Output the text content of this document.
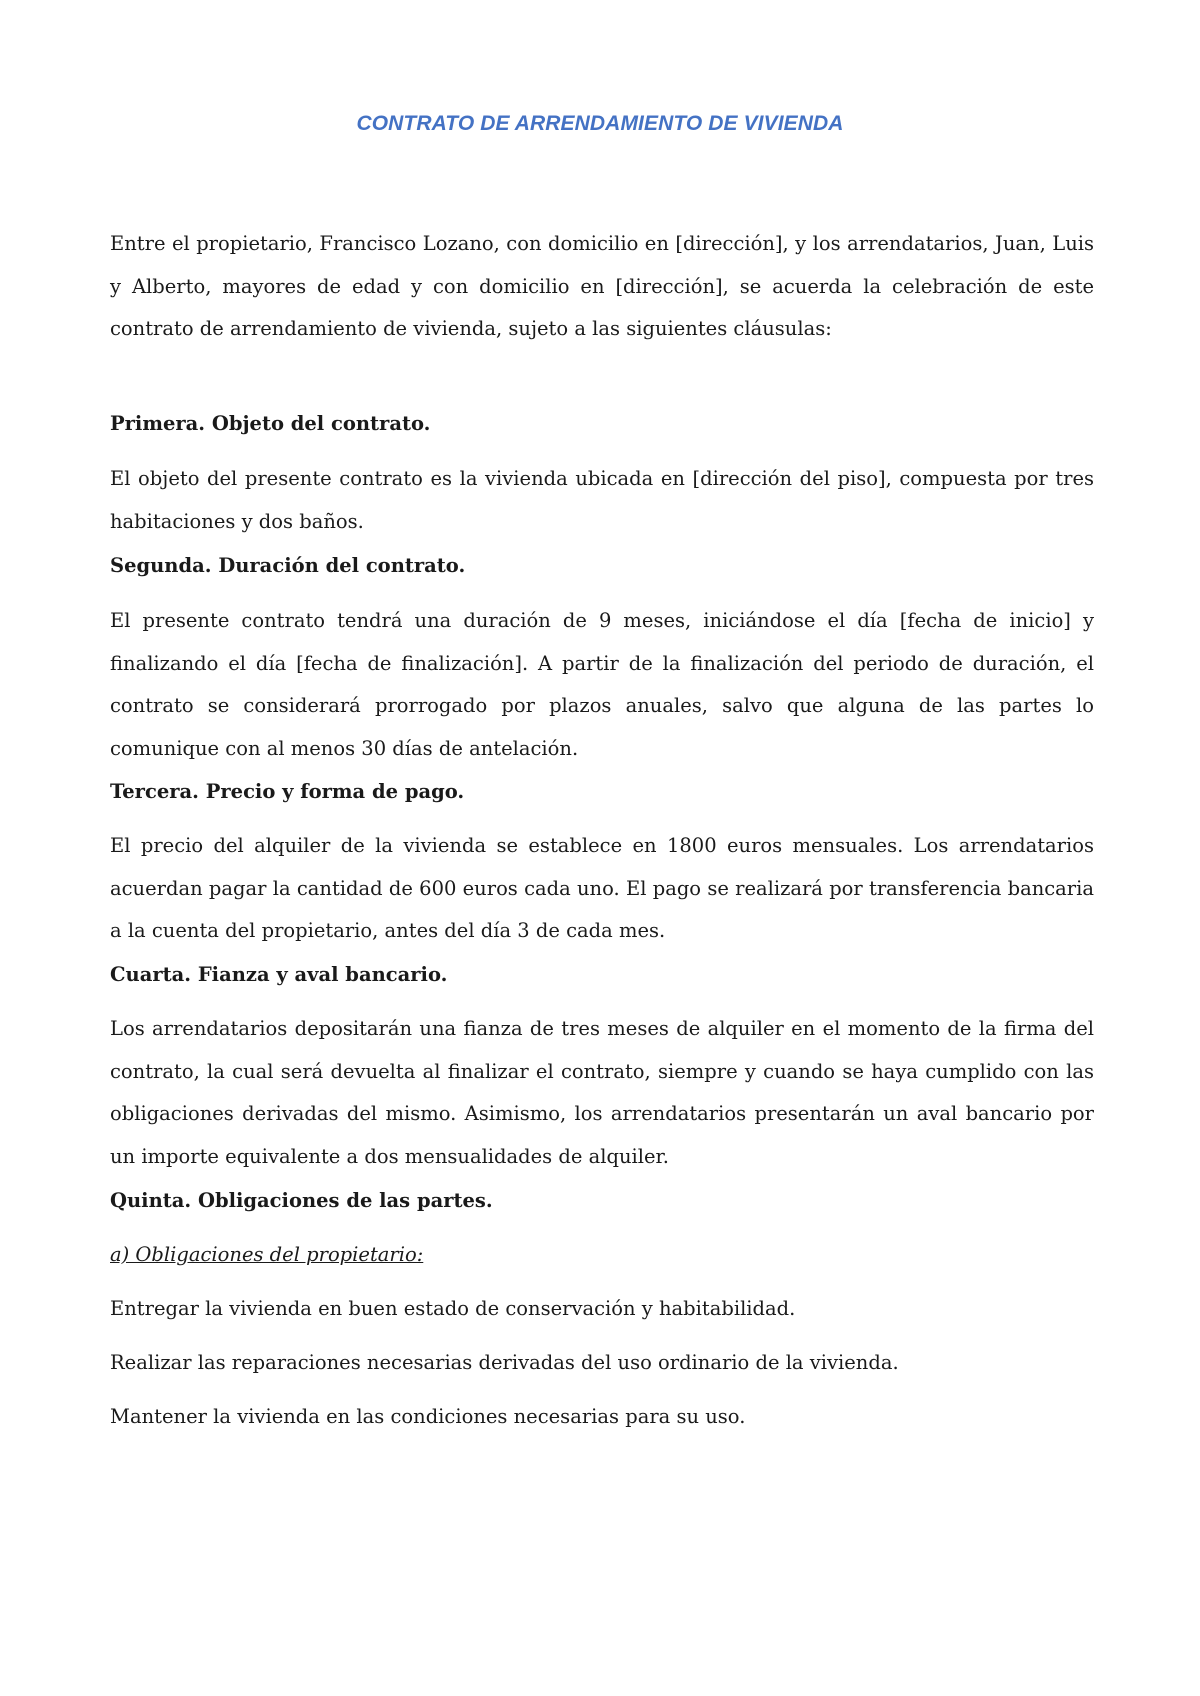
CONTRATO DE ARRENDAMIENTO DE VIVIENDA

Entre el propietario, Francisco Lozano, con domicilio en [dirección], y los arrendatarios, Juan, Luis y Alberto, mayores de edad y con domicilio en [dirección], se acuerda la celebración de este contrato de arrendamiento de vivienda, sujeto a las siguientes cláusulas:

Primera. Objeto del contrato.

El objeto del presente contrato es la vivienda ubicada en [dirección del piso], compuesta por tres habitaciones y dos baños.

Segunda. Duración del contrato.

El presente contrato tendrá una duración de 9 meses, iniciándose el día [fecha de inicio] y finalizando el día [fecha de finalización]. A partir de la finalización del periodo de duración, el contrato se considerará prorrogado por plazos anuales, salvo que alguna de las partes lo comunique con al menos 30 días de antelación.

Tercera. Precio y forma de pago.

El precio del alquiler de la vivienda se establece en 1800 euros mensuales. Los arrendatarios acuerdan pagar la cantidad de 600 euros cada uno. El pago se realizará por transferencia bancaria a la cuenta del propietario, antes del día 3 de cada mes.

Cuarta. Fianza y aval bancario.

Los arrendatarios depositarán una fianza de tres meses de alquiler en el momento de la firma del contrato, la cual será devuelta al finalizar el contrato, siempre y cuando se haya cumplido con las obligaciones derivadas del mismo. Asimismo, los arrendatarios presentarán un aval bancario por un importe equivalente a dos mensualidades de alquiler.

Quinta. Obligaciones de las partes.

a) Obligaciones del propietario:

Entregar la vivienda en buen estado de conservación y habitabilidad.

Realizar las reparaciones necesarias derivadas del uso ordinario de la vivienda.

Mantener la vivienda en las condiciones necesarias para su uso.
